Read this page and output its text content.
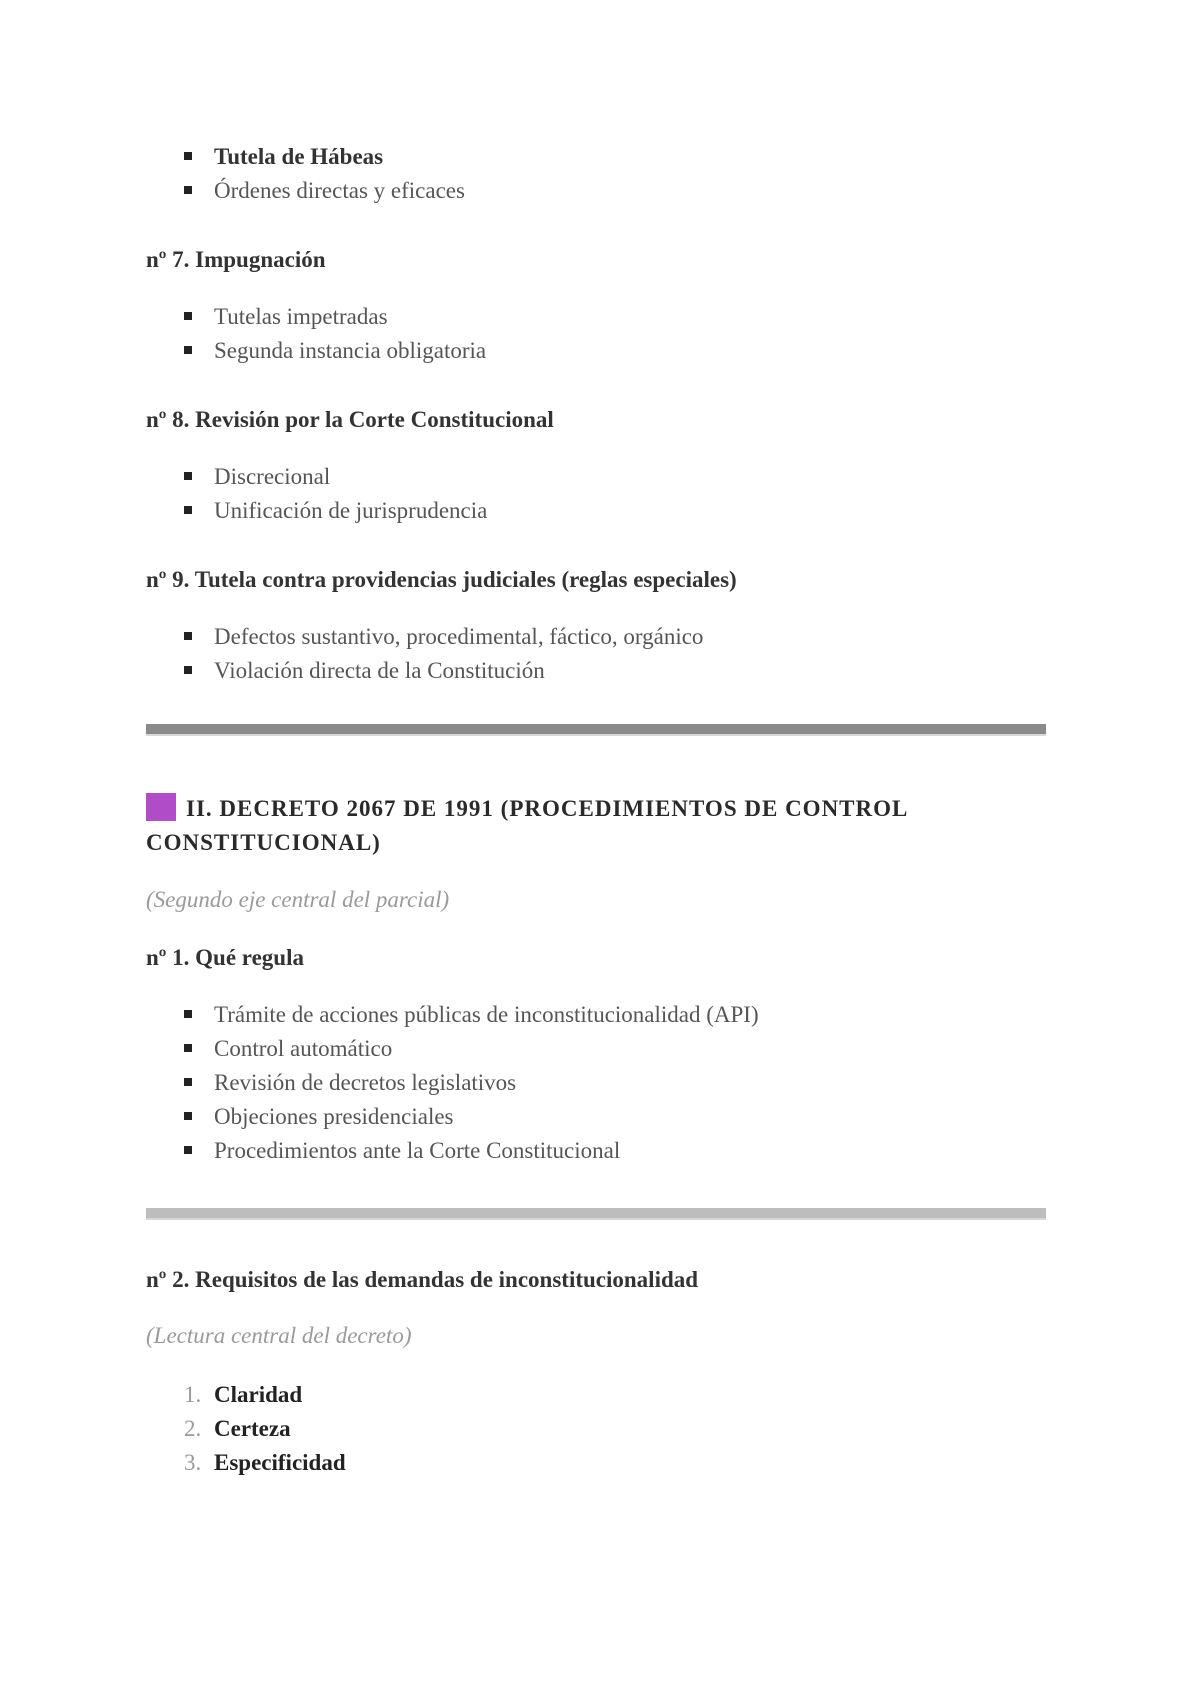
Tutela de Hábeas
Órdenes directas y eficaces
nº 7. Impugnación
Tutelas impetradas
Segunda instancia obligatoria
nº 8. Revisión por la Corte Constitucional
Discrecional
Unificación de jurisprudencia
nº 9. Tutela contra providencias judiciales (reglas especiales)
Defectos sustantivo, procedimental, fáctico, orgánico
Violación directa de la Constitución
II. DECRETO 2067 DE 1991 (PROCEDIMIENTOS DE CONTROL
CONSTITUCIONAL)
(Segundo eje central del parcial)
nº 1. Qué regula
Trámite de acciones públicas de inconstitucionalidad (API)
Control automático
Revisión de decretos legislativos
Objeciones presidenciales
Procedimientos ante la Corte Constitucional
nº 2. Requisitos de las demandas de inconstitucionalidad
(Lectura central del decreto)
1. Claridad
2. Certeza
3. Especificidad
